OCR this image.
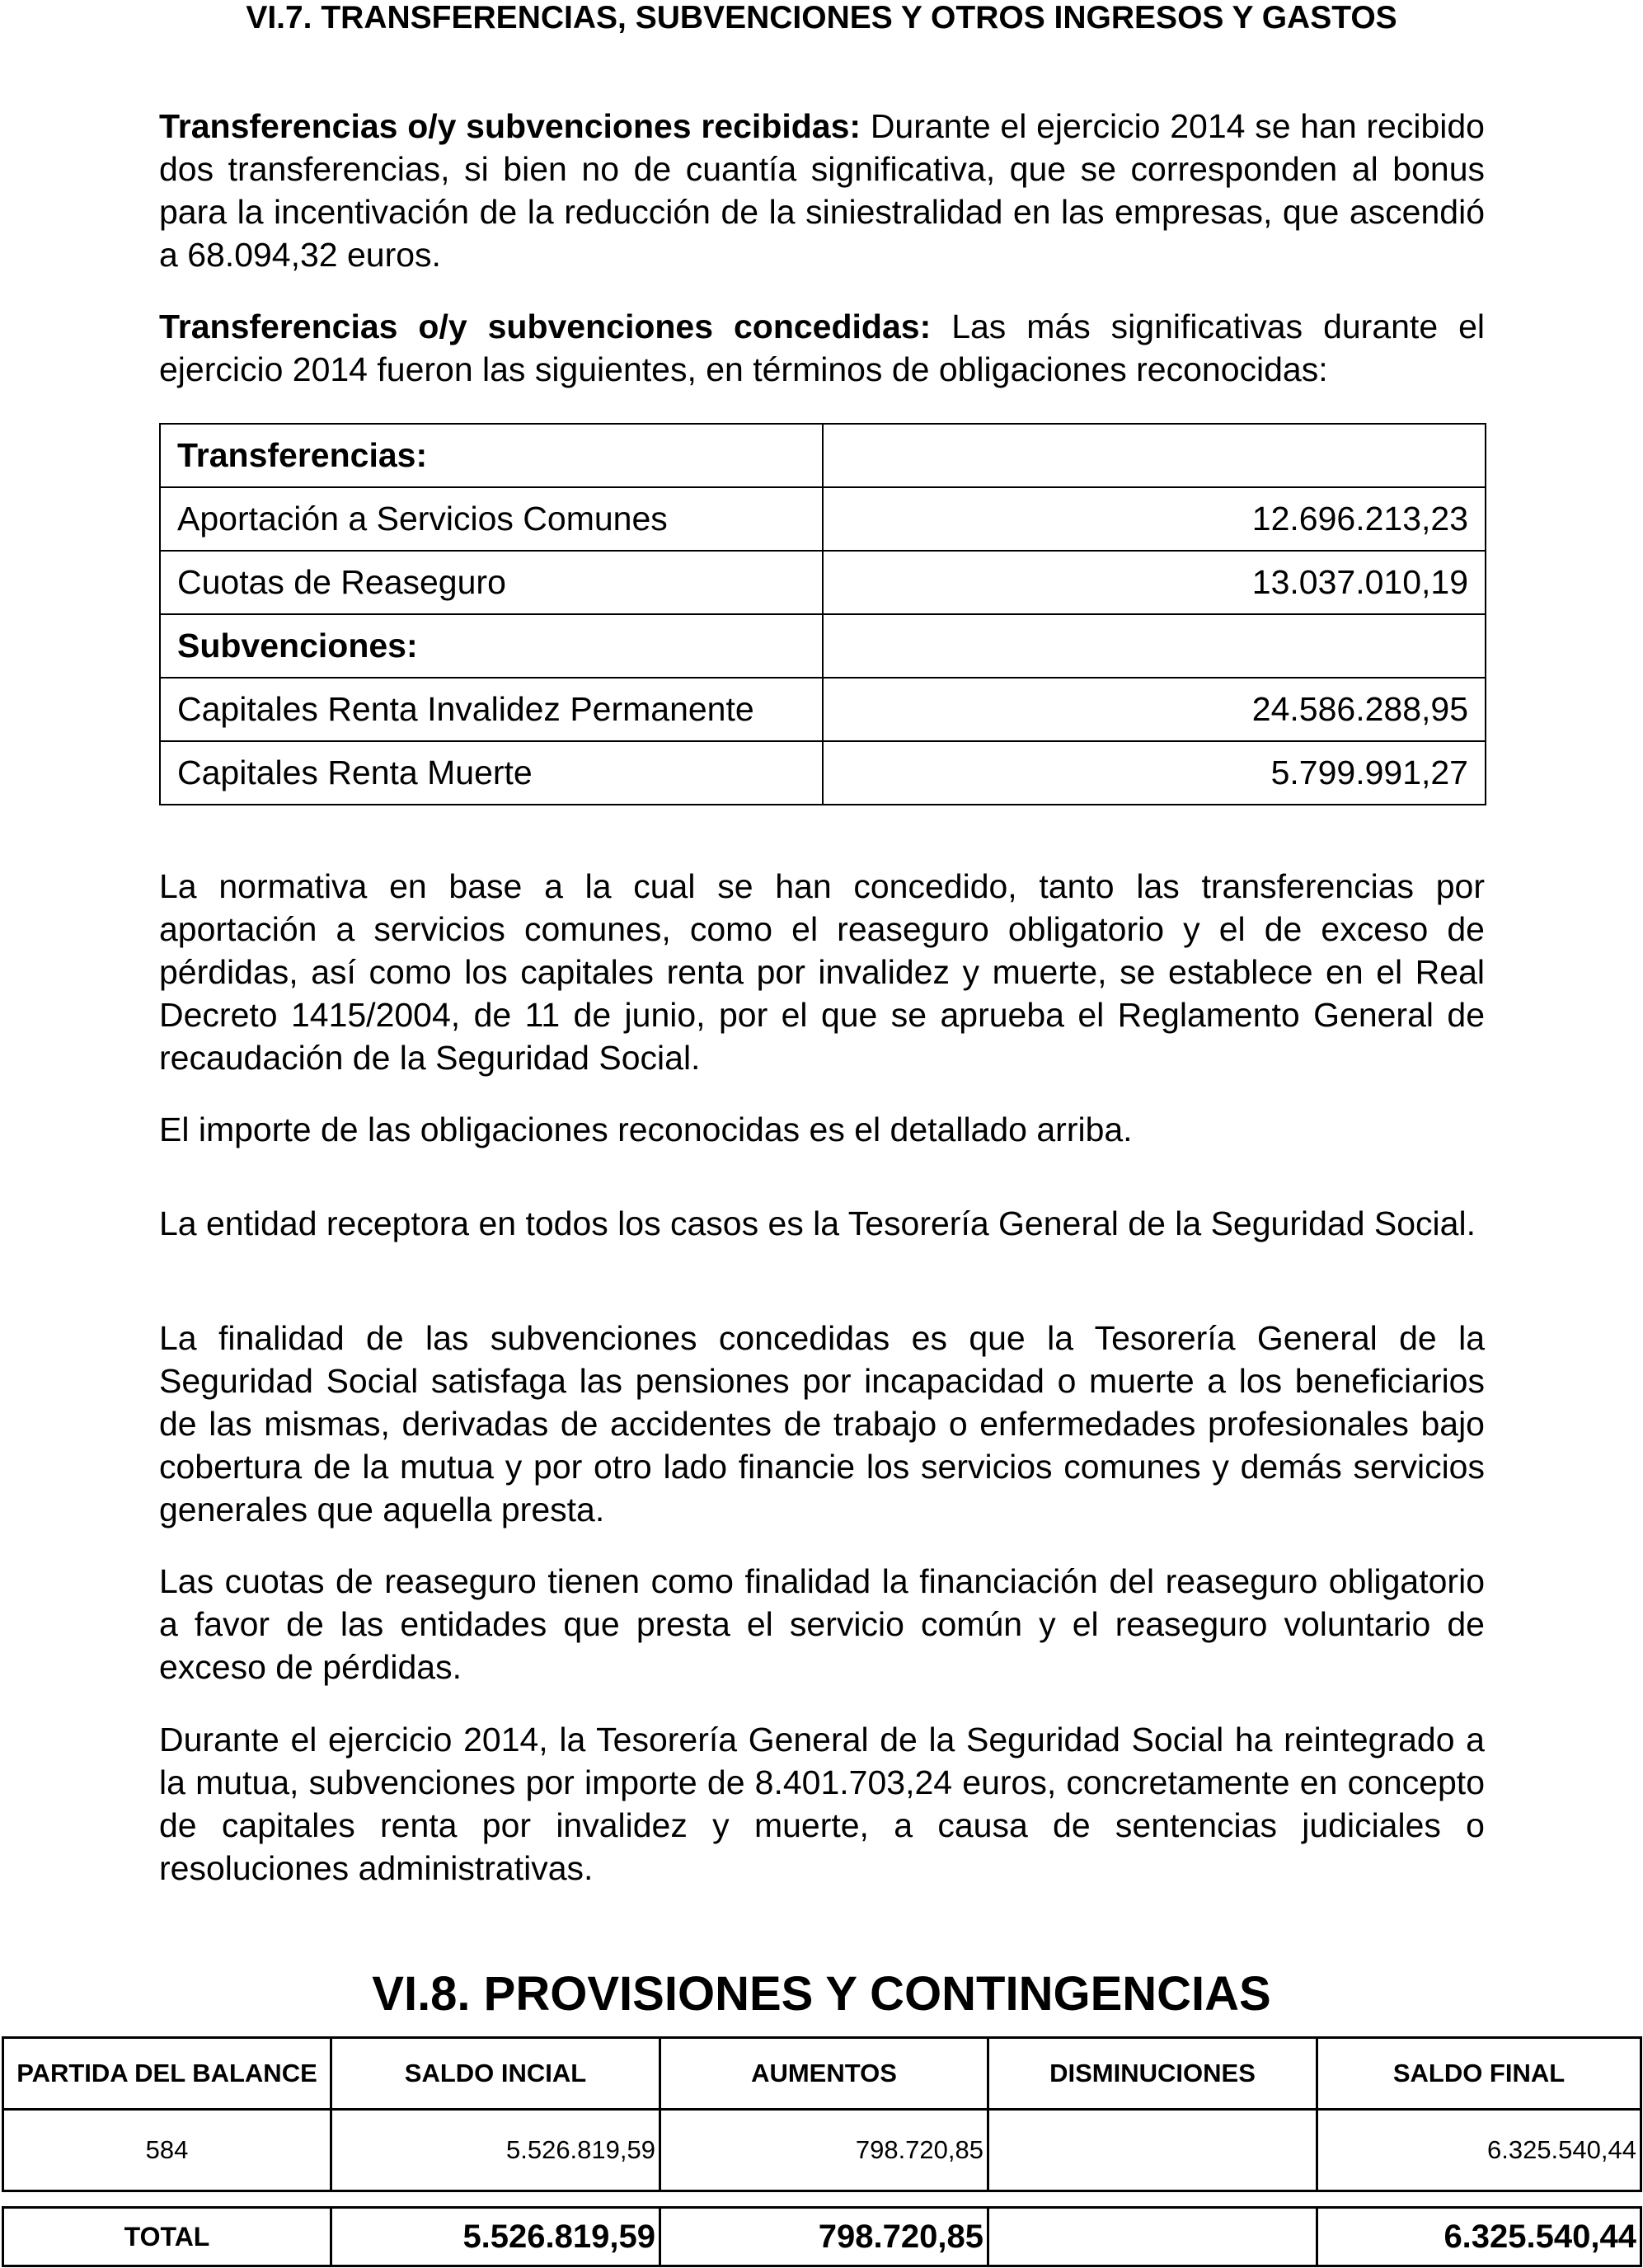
VI.7. TRANSFERENCIAS, SUBVENCIONES Y OTROS INGRESOS Y GASTOS

Transferencias o/y subvenciones recibidas: Durante el ejercicio 2014 se han recibido dos transferencias, si bien no de cuantía significativa, que se corresponden al bonus para la incentivación de la reducción de la siniestralidad en las empresas, que ascendió a 68.094,32 euros.

Transferencias o/y subvenciones concedidas: Las más significativas durante el ejercicio 2014 fueron las siguientes, en términos de obligaciones reconocidas:

Transferencias:	
Aportación a Servicios Comunes	12.696.213,23
Cuotas de Reaseguro	13.037.010,19
Subvenciones:	
Capitales Renta Invalidez Permanente	24.586.288,95
Capitales Renta Muerte	5.799.991,27

La normativa en base a la cual se han concedido, tanto las transferencias por aportación a servicios comunes, como el reaseguro obligatorio y el de exceso de pérdidas, así como los capitales renta por invalidez y muerte, se establece en el Real Decreto 1415/2004, de 11 de junio, por el que se aprueba el Reglamento General de recaudación de la Seguridad Social.

El importe de las obligaciones reconocidas es el detallado arriba.

La entidad receptora en todos los casos es la Tesorería General de la Seguridad Social.

La finalidad de las subvenciones concedidas es que la Tesorería General de la Seguridad Social satisfaga las pensiones por incapacidad o muerte a los beneficiarios de las mismas, derivadas de accidentes de trabajo o enfermedades profesionales bajo cobertura de la mutua y por otro lado financie los servicios comunes y demás servicios generales que aquella presta.

Las cuotas de reaseguro tienen como finalidad la financiación del reaseguro obligatorio a favor de las entidades que presta el servicio común y el reaseguro voluntario de exceso de pérdidas.

Durante el ejercicio 2014, la Tesorería General de la Seguridad Social ha reintegrado a la mutua, subvenciones por importe de 8.401.703,24 euros, concretamente en concepto de capitales renta por invalidez y muerte, a causa de sentencias judiciales o resoluciones administrativas.

VI.8. PROVISIONES Y CONTINGENCIAS
PARTIDA DEL BALANCE	SALDO INCIAL	AUMENTOS	DISMINUCIONES	SALDO FINAL
584	5.526.819,59	798.720,85		6.325.540,44
TOTAL	5.526.819,59	798.720,85		6.325.540,44
